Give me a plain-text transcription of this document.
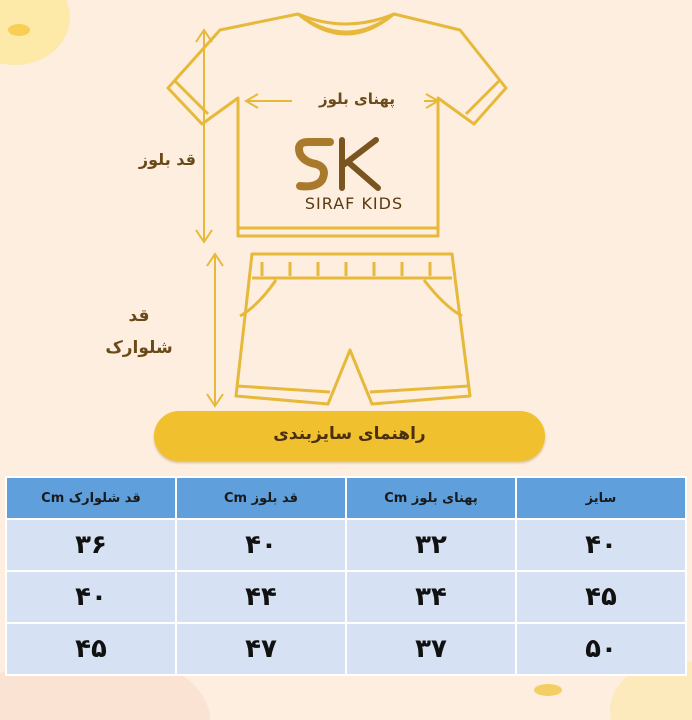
پهنای بلوز
قد بلوز
قد
شلوارک
SIRAF KIDS
راهنمای سایزبندی
قد شلوارک Cm	قد بلوز Cm	پهنای بلوز Cm	سایز
۳۶	۴۰	۳۲	۴۰
۴۰	۴۴	۳۴	۴۵
۴۵	۴۷	۳۷	۵۰
